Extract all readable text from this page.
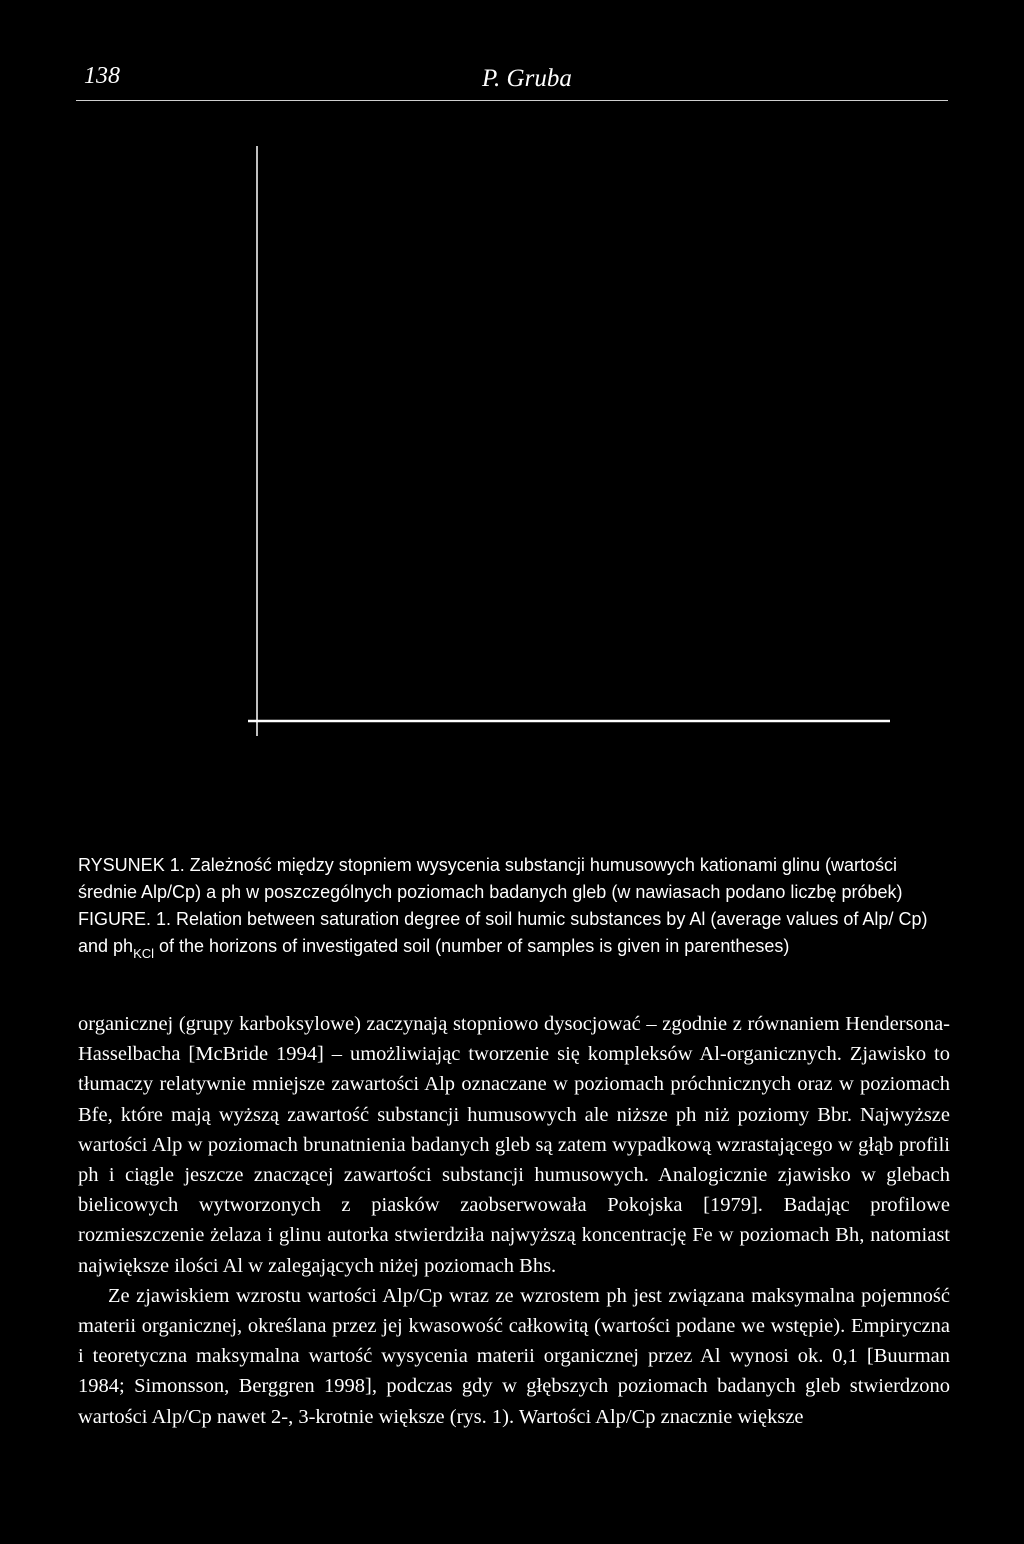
138	P. Gruba

RYSUNEK 1. Zależność między stopniem wysycenia substancji humusowych kationami glinu (wartości średnie Alp/Cp) a ph w poszczególnych poziomach badanych gleb (w nawiasach podano liczbę próbek)

FIGURE. 1. Relation between saturation degree of soil humic substances by Al (average values of Alp/ Cp) and $ph_{KCl}$ of the horizons of investigated soil (number of samples is given in parentheses)

organicznej (grupy karboksylowe) zaczynają stopniowo dysocjować – zgodnie z równaniem Hendersona-Hasselbacha [McBride 1994] – umożliwiając tworzenie się kompleksów Al-organicznych. Zjawisko to tłumaczy relatywnie mniejsze zawartości Alp oznaczane w poziomach próchnicznych oraz w poziomach Bfe, które mają wyższą zawartość substancji humusowych ale niższe ph niż poziomy Bbr. Najwyższe wartości Alp w poziomach brunatnienia badanych gleb są zatem wypadkową wzrastającego w głąb profili ph i ciągle jeszcze znaczącej zawartości substancji humusowych. Analogicznie zjawisko w glebach bielicowych wytworzonych z piasków zaobserwowała Pokojska [1979]. Badając profilowe rozmieszczenie żelaza i glinu autorka stwierdziła najwyższą koncentrację Fe w poziomach Bh, natomiast największe ilości Al w zalegających niżej poziomach Bhs.

Ze zjawiskiem wzrostu wartości Alp/Cp wraz ze wzrostem ph jest związana maksymalna pojemność materii organicznej, określana przez jej kwasowość całkowitą (wartości podane we wstępie). Empiryczna i teoretyczna maksymalna wartość wysycenia materii organicznej przez Al wynosi ok. 0,1 [Buurman 1984; Simonsson, Berggren 1998], podczas gdy w głębszych poziomach badanych gleb stwierdzono wartości Alp/Cp nawet 2-, 3-krotnie większe (rys. 1). Wartości Alp/Cp znacznie większe
